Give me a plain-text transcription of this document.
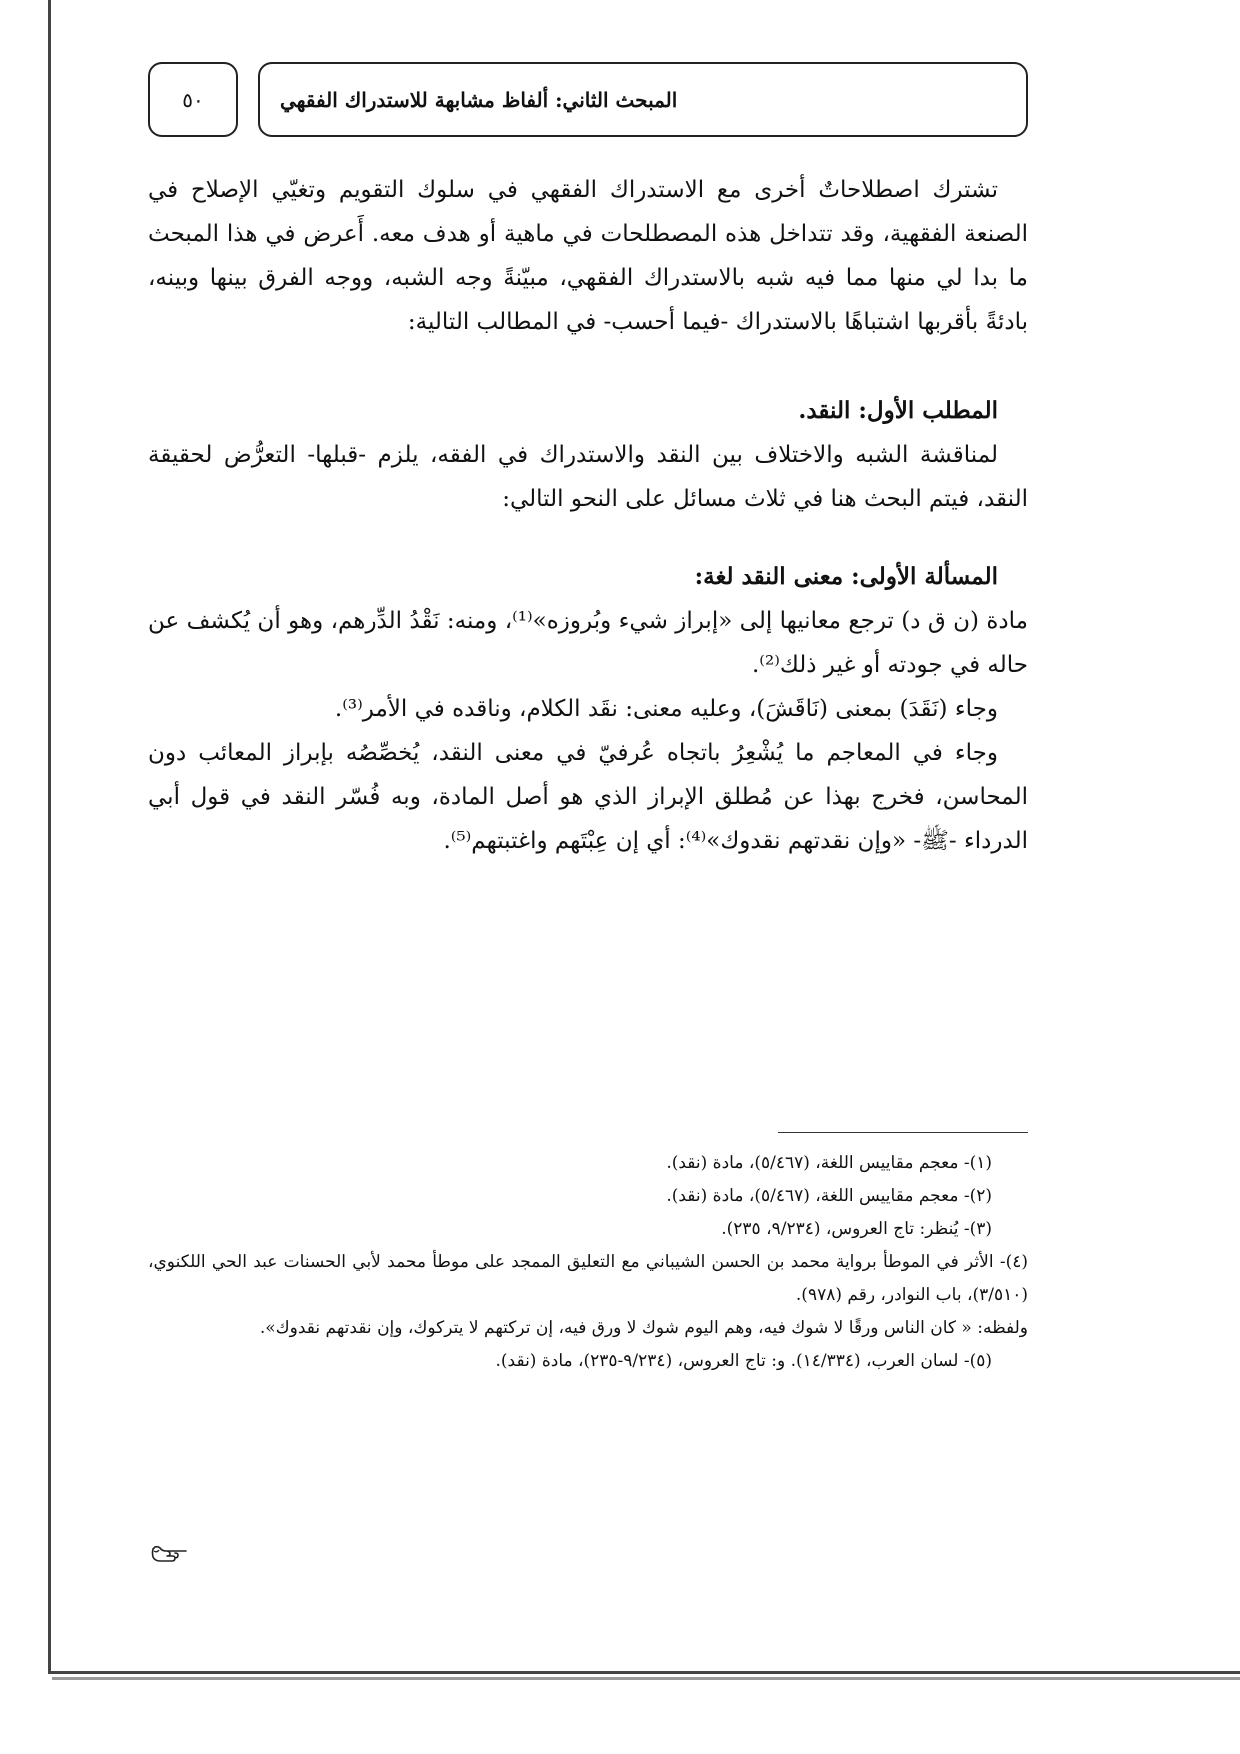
٥٠	المبحث الثاني: ألفاظ مشابهة للاستدراك الفقهي

تشترك اصطلاحاتٌ أخرى مع الاستدراك الفقهي في سلوك التقويم وتغيّي الإصلاح في الصنعة الفقهية، وقد تتداخل هذه المصطلحات في ماهية أو هدف معه. أَعرض في هذا المبحث ما بدا لي منها مما فيه شبه بالاستدراك الفقهي، مبيّنةً وجه الشبه، ووجه الفرق بينها وبينه، بادئةً بأقربها اشتباهًا بالاستدراك -فيما أحسب- في المطالب التالية:

المطلب الأول: النقد.

لمناقشة الشبه والاختلاف بين النقد والاستدراك في الفقه، يلزم -قبلها- التعرُّض لحقيقة النقد، فيتم البحث هنا في ثلاث مسائل على النحو التالي:

المسألة الأولى: معنى النقد لغة:

مادة (ن ق د) ترجع معانيها إلى «إبراز شيء وبُروزه»⁽¹⁾، ومنه: نَقْدُ الدِّرهم، وهو أن يُكشف عن حاله في جودته أو غير ذلك⁽²⁾.

وجاء (نَقَدَ) بمعنى (نَاقَشَ)، وعليه معنى: نقَد الكلام، وناقده في الأمر⁽³⁾.

وجاء في المعاجم ما يُشْعِرُ باتجاه عُرفيّ في معنى النقد، يُخصِّصُه بإبراز المعائب دون المحاسن، فخرج بهذا عن مُطلق الإبراز الذي هو أصل المادة، وبه فُسّر النقد في قول أبي الدرداء -ﷺ- «وإن نقدتهم نقدوك»⁽⁴⁾: أي إن عِبْتَهم واغتبتهم⁽⁵⁾.

(١)- معجم مقاييس اللغة، (٥/٤٦٧)، مادة (نقد).

(٢)- معجم مقاييس اللغة، (٥/٤٦٧)، مادة (نقد).

(٣)- يُنظر: تاج العروس، (٩/٢٣٤، ٢٣٥).

(٤)- الأثر في الموطأ برواية محمد بن الحسن الشيباني مع التعليق الممجد على موطأ محمد لأبي الحسنات عبد الحي اللكنوي، (٣/٥١٠)، باب النوادر، رقم (٩٧٨).

ولفظه: « كان الناس ورقًا لا شوك فيه، وهم اليوم شوك لا ورق فيه، إن تركتهم لا يتركوك، وإن نقدتهم نقدوك».

(٥)- لسان العرب، (١٤/٣٣٤). و: تاج العروس، (٩/٢٣٤-٢٣٥)، مادة (نقد).
